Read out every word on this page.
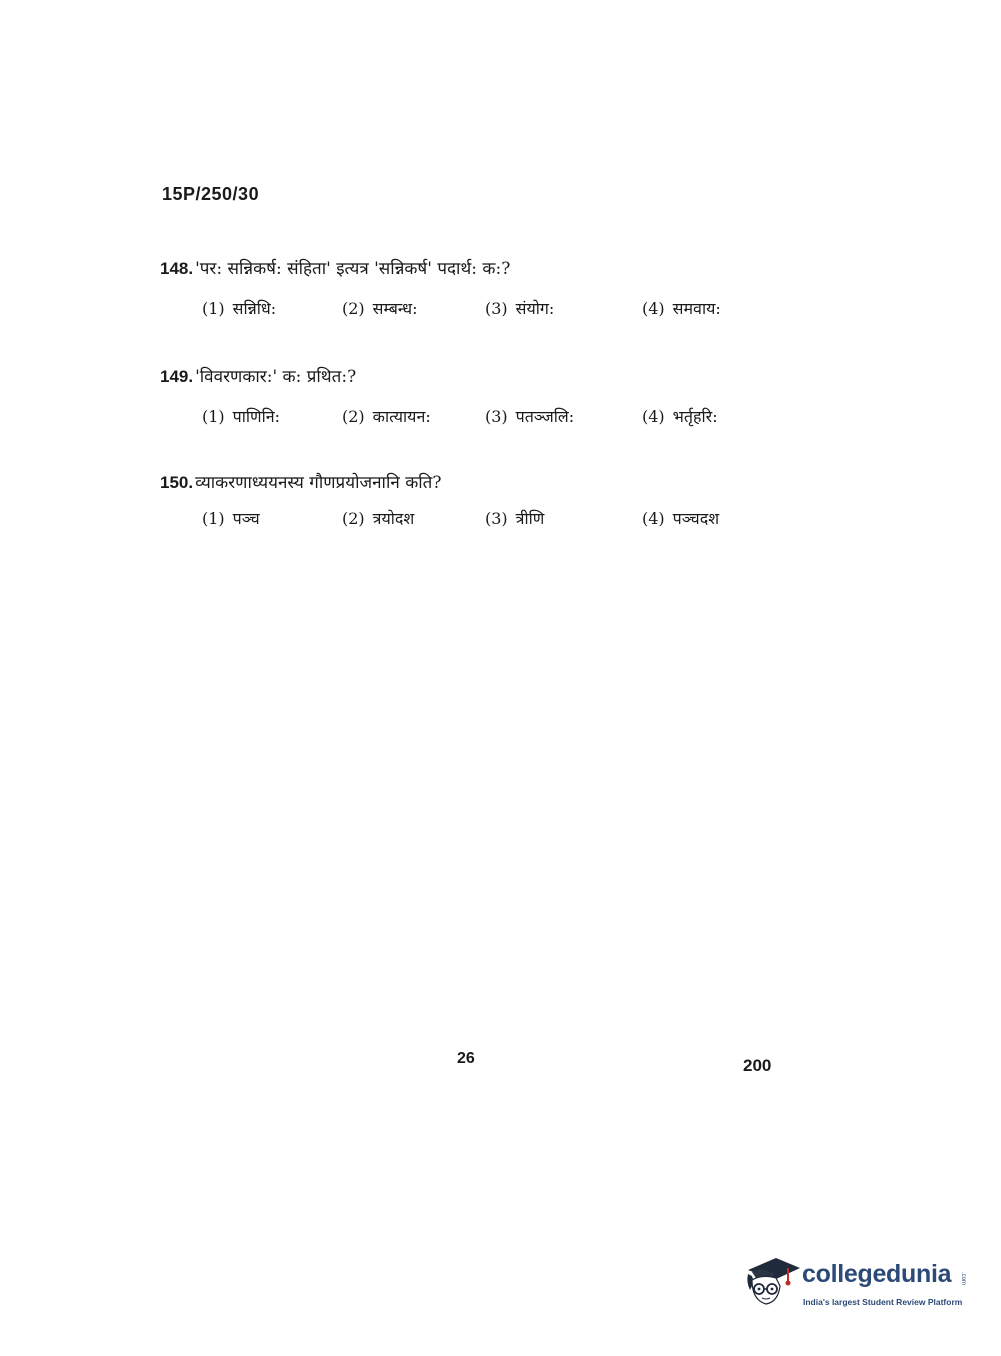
15P/250/30
148. 'पर: सन्निकर्ष: संहिता' इत्यत्र 'सन्निकर्ष' पदार्थ: क:?
(1) सन्निधि:	(2) सम्बन्ध:	(3) संयोग:	(4) समवाय:
149. 'विवरणकार:' क: प्रथित:?
(1) पाणिनि:	(2) कात्यायन:	(3) पतञ्जलि:	(4) भर्तृहरि:
150. व्याकरणाध्ययनस्य गौणप्रयोजनानि कति?
(1) पञ्च	(2) त्रयोदश	(3) त्रीणि	(4) पञ्चदश
26	200
collegedunia .com
India's largest Student Review Platform
